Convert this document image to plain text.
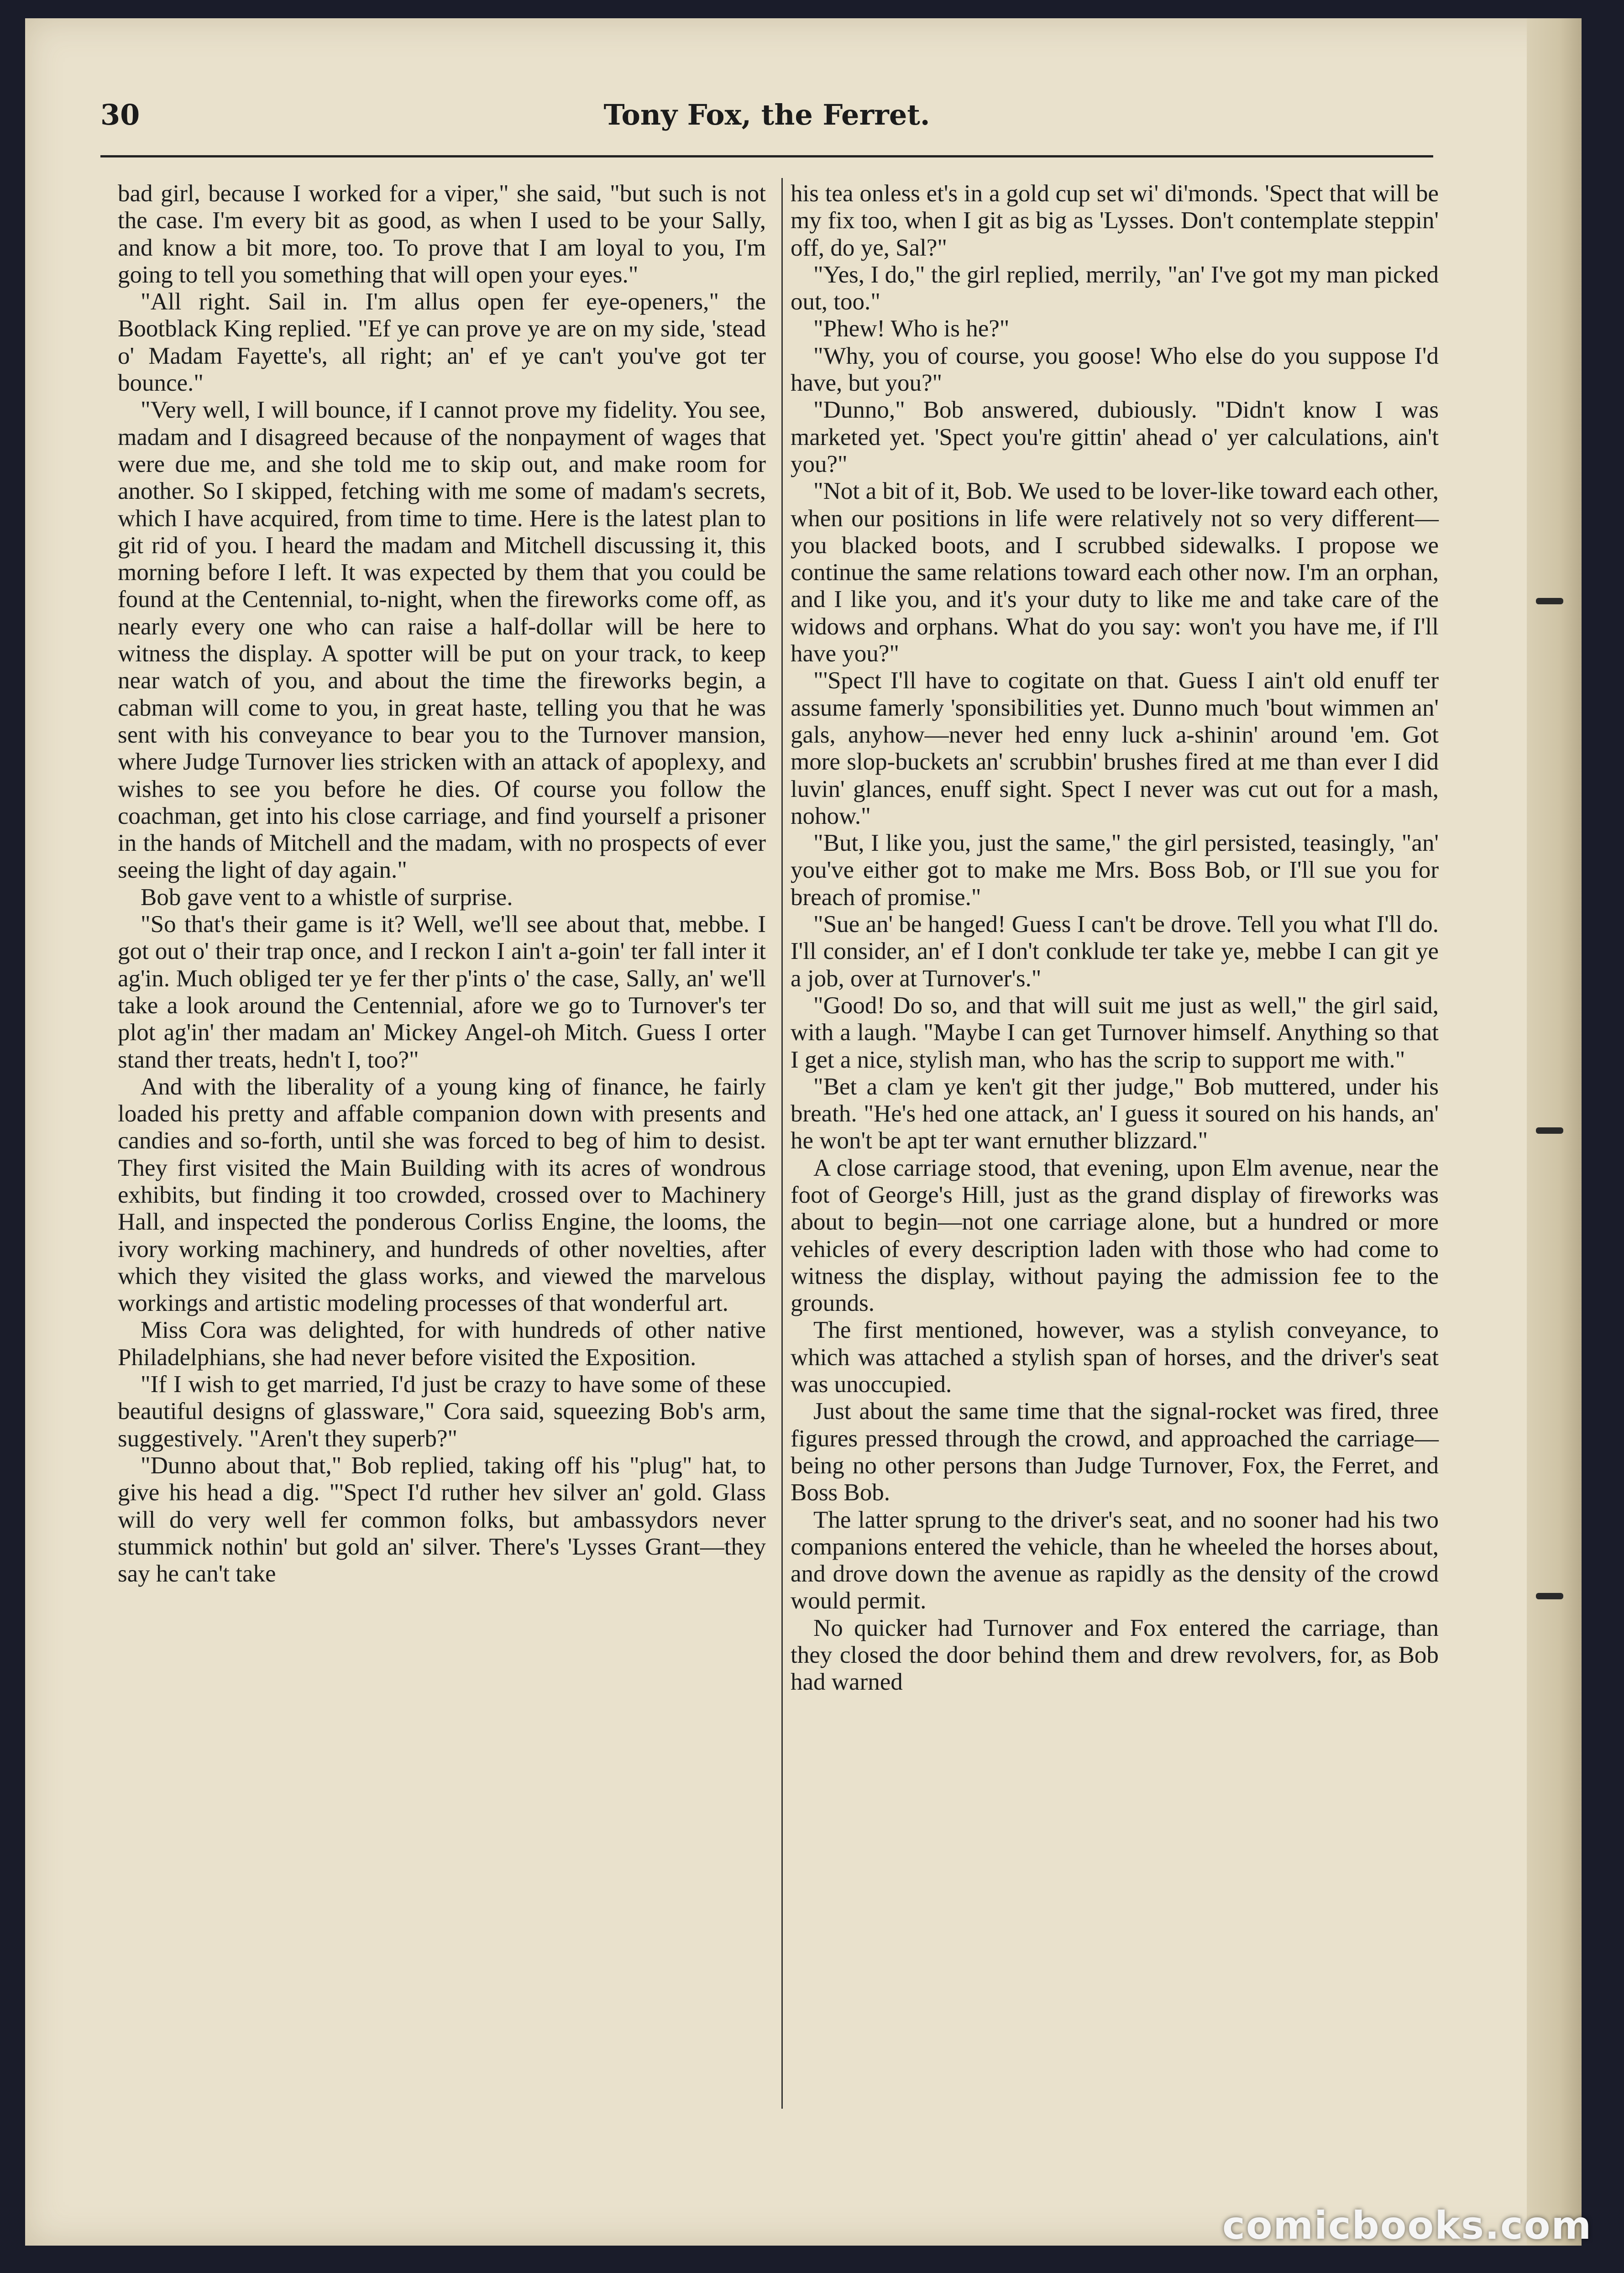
30	Tony Fox, the Ferret.

bad girl, because I worked for a viper," she said, "but such is not the case. I'm every bit as good, as when I used to be your Sally, and know a bit more, too. To prove that I am loyal to you, I'm going to tell you something that will open your eyes."

"All right. Sail in. I'm allus open fer eye-openers," the Bootblack King replied. "Ef ye can prove ye are on my side, 'stead o' Madam Fayette's, all right; an' ef ye can't you've got ter bounce."

"Very well, I will bounce, if I cannot prove my fidelity. You see, madam and I disagreed because of the nonpayment of wages that were due me, and she told me to skip out, and make room for another. So I skipped, fetching with me some of madam's secrets, which I have acquired, from time to time. Here is the latest plan to git rid of you. I heard the madam and Mitchell discussing it, this morning before I left. It was expected by them that you could be found at the Centennial, to-night, when the fireworks come off, as nearly every one who can raise a half-dollar will be here to witness the display. A spotter will be put on your track, to keep near watch of you, and about the time the fireworks begin, a cabman will come to you, in great haste, telling you that he was sent with his conveyance to bear you to the Turnover mansion, where Judge Turnover lies stricken with an attack of apoplexy, and wishes to see you before he dies. Of course you follow the coachman, get into his close carriage, and find yourself a prisoner in the hands of Mitchell and the madam, with no prospects of ever seeing the light of day again."

Bob gave vent to a whistle of surprise.

"So that's their game is it? Well, we'll see about that, mebbe. I got out o' their trap once, and I reckon I ain't a-goin' ter fall inter it ag'in. Much obliged ter ye fer ther p'ints o' the case, Sally, an' we'll take a look around the Centennial, afore we go to Turnover's ter plot ag'in' ther madam an' Mickey Angel-oh Mitch. Guess I orter stand ther treats, hedn't I, too?"

And with the liberality of a young king of finance, he fairly loaded his pretty and affable companion down with presents and candies and so-forth, until she was forced to beg of him to desist. They first visited the Main Building with its acres of wondrous exhibits, but finding it too crowded, crossed over to Machinery Hall, and inspected the ponderous Corliss Engine, the looms, the ivory working machinery, and hundreds of other novelties, after which they visited the glass works, and viewed the marvelous workings and artistic modeling processes of that wonderful art.

Miss Cora was delighted, for with hundreds of other native Philadelphians, she had never before visited the Exposition.

"If I wish to get married, I'd just be crazy to have some of these beautiful designs of glassware," Cora said, squeezing Bob's arm, suggestively. "Aren't they superb?"

"Dunno about that," Bob replied, taking off his "plug" hat, to give his head a dig. "'Spect I'd ruther hev silver an' gold. Glass will do very well fer common folks, but ambassydors never stummick nothin' but gold an' silver. There's 'Lysses Grant—they say he can't take

his tea onless et's in a gold cup set wi' di'monds. 'Spect that will be my fix too, when I git as big as 'Lysses. Don't contemplate steppin' off, do ye, Sal?"

"Yes, I do," the girl replied, merrily, "an' I've got my man picked out, too."

"Phew! Who is he?"

"Why, you of course, you goose! Who else do you suppose I'd have, but you?"

"Dunno," Bob answered, dubiously. "Didn't know I was marketed yet. 'Spect you're gittin' ahead o' yer calculations, ain't you?"

"Not a bit of it, Bob. We used to be lover-like toward each other, when our positions in life were relatively not so very different—you blacked boots, and I scrubbed sidewalks. I propose we continue the same relations toward each other now. I'm an orphan, and I like you, and it's your duty to like me and take care of the widows and orphans. What do you say: won't you have me, if I'll have you?"

"'Spect I'll have to cogitate on that. Guess I ain't old enuff ter assume famerly 'sponsibilities yet. Dunno much 'bout wimmen an' gals, anyhow—never hed enny luck a-shinin' around 'em. Got more slop-buckets an' scrubbin' brushes fired at me than ever I did luvin' glances, enuff sight. Spect I never was cut out for a mash, nohow."

"But, I like you, just the same," the girl persisted, teasingly, "an' you've either got to make me Mrs. Boss Bob, or I'll sue you for breach of promise."

"Sue an' be hanged! Guess I can't be drove. Tell you what I'll do. I'll consider, an' ef I don't conklude ter take ye, mebbe I can git ye a job, over at Turnover's."

"Good! Do so, and that will suit me just as well," the girl said, with a laugh. "Maybe I can get Turnover himself. Anything so that I get a nice, stylish man, who has the scrip to support me with."

"Bet a clam ye ken't git ther judge," Bob muttered, under his breath. "He's hed one attack, an' I guess it soured on his hands, an' he won't be apt ter want ernuther blizzard."

A close carriage stood, that evening, upon Elm avenue, near the foot of George's Hill, just as the grand display of fireworks was about to begin—not one carriage alone, but a hundred or more vehicles of every description laden with those who had come to witness the display, without paying the admission fee to the grounds.

The first mentioned, however, was a stylish conveyance, to which was attached a stylish span of horses, and the driver's seat was unoccupied.

Just about the same time that the signal-rocket was fired, three figures pressed through the crowd, and approached the carriage—being no other persons than Judge Turnover, Fox, the Ferret, and Boss Bob.

The latter sprung to the driver's seat, and no sooner had his two companions entered the vehicle, than he wheeled the horses about, and drove down the avenue as rapidly as the density of the crowd would permit.

No quicker had Turnover and Fox entered the carriage, than they closed the door behind them and drew revolvers, for, as Bob had warned

comicbooks.com
